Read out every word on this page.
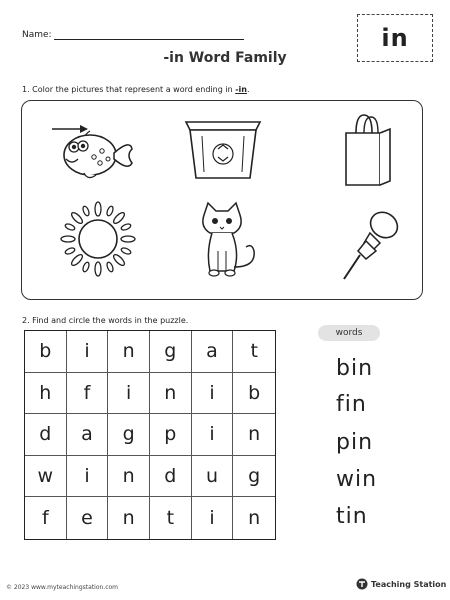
Name:	in
-in Word Family
1. Color the pictures that represent a word ending in -in.
2. Find and circle the words in the puzzle.
b	i	n	g	a	t
h	f	i	n	i	b
d	a	g	p	i	n
w	i	n	d	u	g
f	e	n	t	i	n
words
bin
fin
pin
win
tin
© 2023 www.myteachingstation.com	Teaching Station
